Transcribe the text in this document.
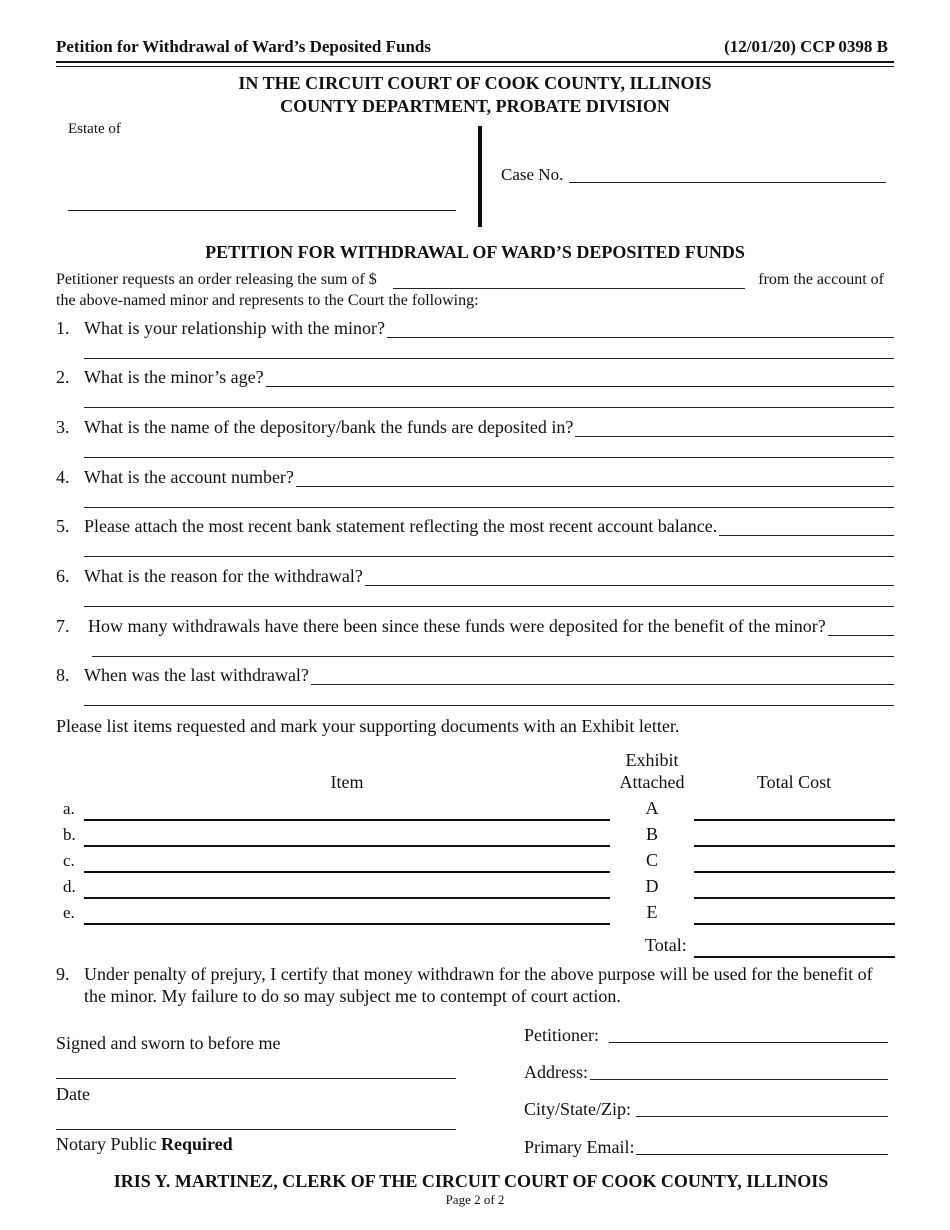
Petition for Withdrawal of Ward’s Deposited Funds	(12/01/20) CCP 0398 B
IN THE CIRCUIT COURT OF COOK COUNTY, ILLINOIS
COUNTY DEPARTMENT, PROBATE DIVISION
Estate of
Case No.
PETITION FOR WITHDRAWAL OF WARD’S DEPOSITED FUNDS
Petitioner requests an order releasing the sum of $	from the account of
the above-named minor and represents to the Court the following:
1. What is your relationship with the minor?
2. What is the minor’s age?
3. What is the name of the depository/bank the funds are deposited in?
4. What is the account number?
5. Please attach the most recent bank statement reflecting the most recent account balance.
6. What is the reason for the withdrawal?
7. How many withdrawals have there been since these funds were deposited for the benefit of the minor?
8. When was the last withdrawal?
Please list items requested and mark your supporting documents with an Exhibit letter.
Exhibit
Attached
Item	Total Cost
a.	A
b.	B
c.	C
d.	D
e.	E
Total:
9. Under penalty of prejury, I certify that money withdrawn for the above purpose will be used for the benefit of
the minor. My failure to do so may subject me to contempt of court action.
Signed and sworn to before me
Date
Notary Public Required
Petitioner:
Address:
City/State/Zip:
Primary Email:
IRIS Y. MARTINEZ, CLERK OF THE CIRCUIT COURT OF COOK COUNTY, ILLINOIS
Page 2 of 2
